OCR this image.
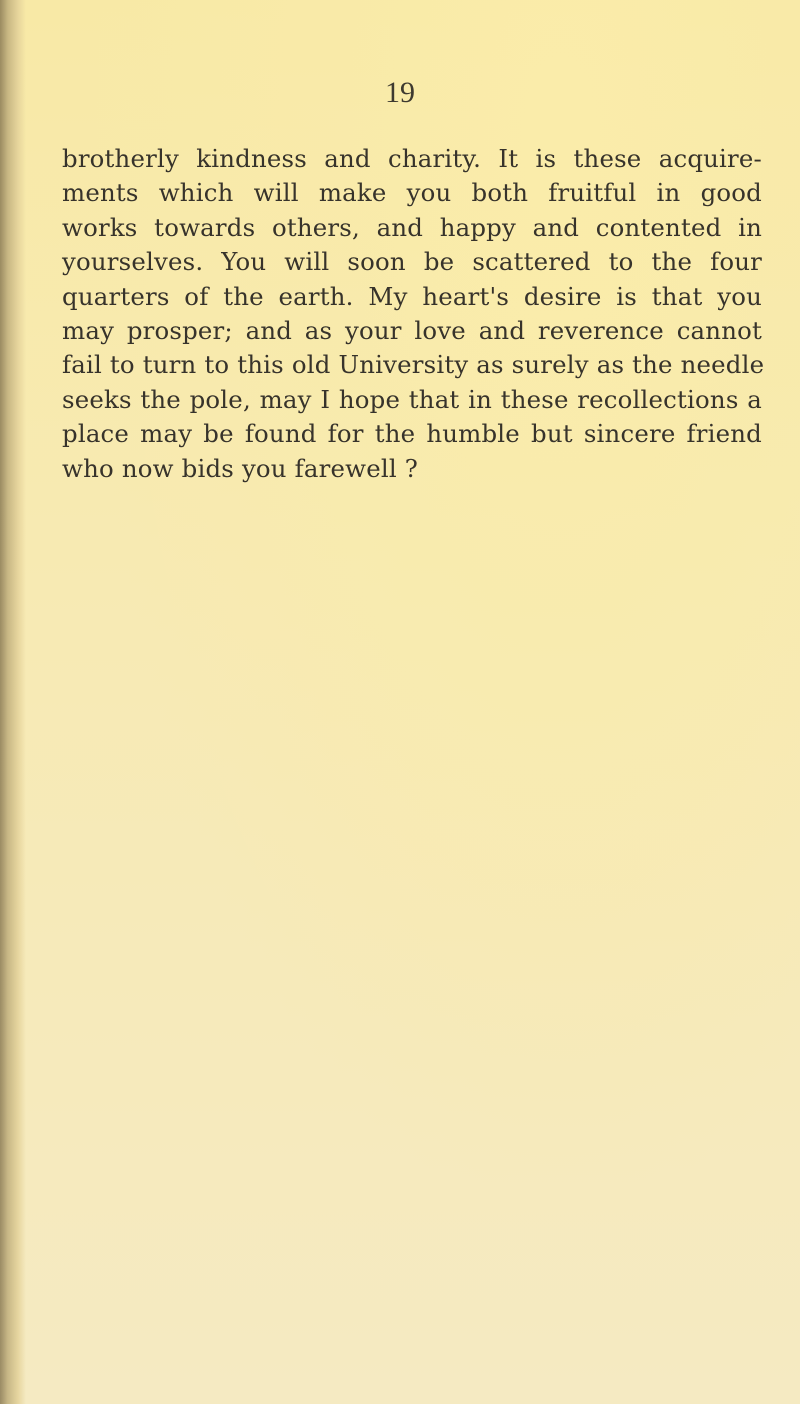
19

brotherly kindness and charity. It is these acquire-
ments which will make you both fruitful in good
works towards others, and happy and contented in
yourselves. You will soon be scattered to the four
quarters of the earth. My heart's desire is that you
may prosper; and as your love and reverence cannot
fail to turn to this old University as surely as the needle
seeks the pole, may I hope that in these recollections a
place may be found for the humble but sincere friend
who now bids you farewell ?
